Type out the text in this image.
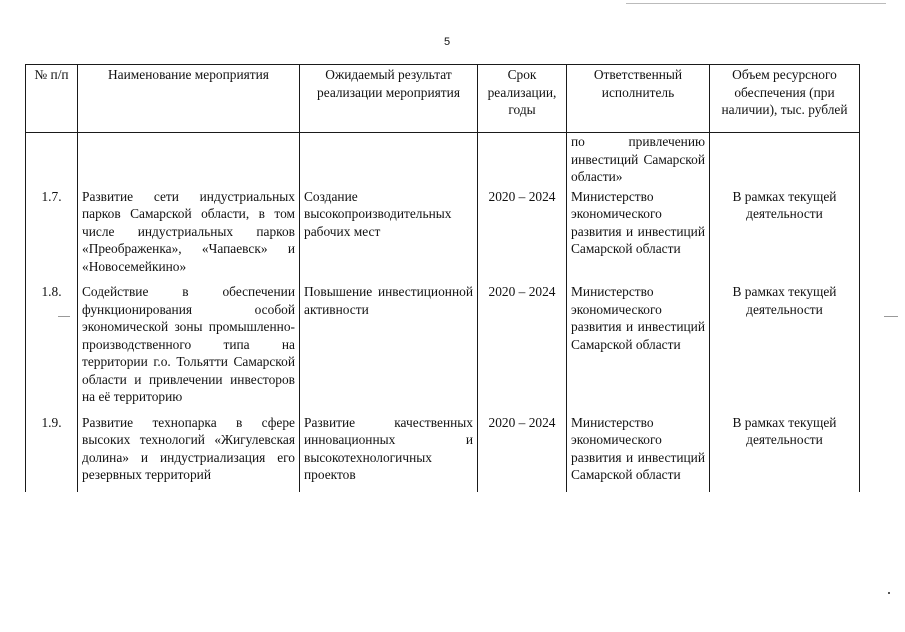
5
№ п/п	Наименование мероприятия	Ожидаемый результат реализации мероприятия	Срок реализации, годы	Ответственный исполнитель	Объем ресурсного обеспечения (при наличии), тыс. рублей
				по привлечению инвестиций Самарской области»	
1.7.	Развитие сети индустриальных парков Самарской области, в том числе индустриальных парков «Преображенка», «Чапаевск» и «Новосемейкино»	Создание высокопроизводительных рабочих мест	2020 – 2024	Министерство экономического развития и инвестиций Самарской области	В рамках текущей деятельности
1.8.	Содействие в обеспечении функционирования особой экономической зоны промышленно-производственного типа на территории г.о. Тольятти Самарской области и привлечении инвесторов на её территорию	Повышение инвестиционной активности	2020 – 2024	Министерство экономического развития и инвестиций Самарской области	В рамках текущей деятельности
1.9.	Развитие технопарка в сфере высоких технологий «Жигулевская долина» и индустриализация его резервных территорий	Развитие качественных инновационных и высокотехнологичных проектов	2020 – 2024	Министерство экономического развития и инвестиций Самарской области	В рамках текущей деятельности
